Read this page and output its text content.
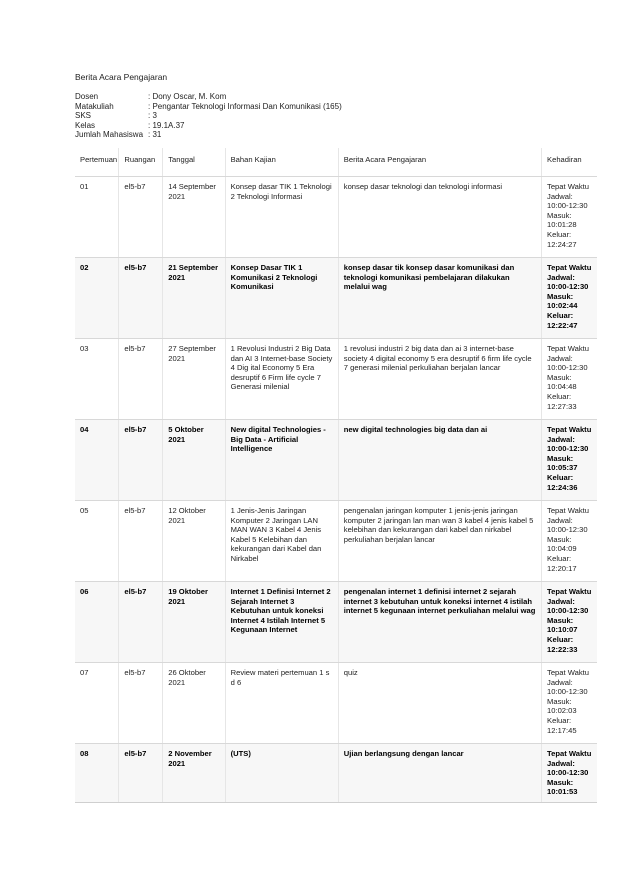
Berita Acara Pengajaran
Dosen	: Dony Oscar, M. Kom
Matakuliah	: Pengantar Teknologi Informasi Dan Komunikasi (165)
SKS	: 3
Kelas	: 19.1A.37
Jumlah Mahasiswa : 31
Pertemuan	Ruangan	Tanggal	Bahan Kajian	Berita Acara Pengajaran	Kehadiran
01	el5-b7	14 September 2021	Konsep dasar TIK 1 Teknologi 2 Teknologi Informasi	konsep dasar teknologi dan teknologi informasi	Tepat Waktu Jadwal: 10:00-12:30 Masuk: 10:01:28 Keluar: 12:24:27
02	el5-b7	21 September 2021	Konsep Dasar TIK 1 Komunikasi 2 Teknologi Komunikasi	konsep dasar tik konsep dasar komunikasi dan teknologi komunikasi pembelajaran dilakukan melalui wag	Tepat Waktu Jadwal: 10:00-12:30 Masuk: 10:02:44 Keluar: 12:22:47
03	el5-b7	27 September 2021	1 Revolusi Industri 2 Big Data dan AI 3 Internet-base Society 4 Dig ital Economy 5 Era desruptif 6 Firm life cycle 7 Generasi milenial	1 revolusi industri 2 big data dan ai 3 internet-base society 4 digital economy 5 era desruptif 6 firm life cycle 7 generasi milenial perkuliahan berjalan lancar	Tepat Waktu Jadwal: 10:00-12:30 Masuk: 10:04:48 Keluar: 12:27:33
04	el5-b7	5 Oktober 2021	New digital Technologies - Big Data - Artificial Intelligence	new digital technologies big data dan ai	Tepat Waktu Jadwal: 10:00-12:30 Masuk: 10:05:37 Keluar: 12:24:36
05	el5-b7	12 Oktober 2021	1 Jenis-Jenis Jaringan Komputer 2 Jaringan LAN MAN WAN 3 Kabel 4 Jenis Kabel 5 Kelebihan dan kekurangan dari Kabel dan Nirkabel	pengenalan jaringan komputer 1 jenis-jenis jaringan komputer 2 jaringan lan man wan 3 kabel 4 jenis kabel 5 kelebihan dan kekurangan dari kabel dan nirkabel perkuliahan berjalan lancar	Tepat Waktu Jadwal: 10:00-12:30 Masuk: 10:04:09 Keluar: 12:20:17
06	el5-b7	19 Oktober 2021	Internet 1 Definisi Internet 2 Sejarah Internet 3 Kebutuhan untuk koneksi Internet 4 Istilah Internet 5 Kegunaan Internet	pengenalan internet 1 definisi internet 2 sejarah internet 3 kebutuhan untuk koneksi internet 4 istilah internet 5 kegunaan internet perkuliahan melalui wag	Tepat Waktu Jadwal: 10:00-12:30 Masuk: 10:10:07 Keluar: 12:22:33
07	el5-b7	26 Oktober 2021	Review materi pertemuan 1 s d 6	quiz	Tepat Waktu Jadwal: 10:00-12:30 Masuk: 10:02:03 Keluar: 12:17:45
08	el5-b7	2 November 2021	(UTS)	Ujian berlangsung dengan lancar	Tepat Waktu Jadwal: 10:00-12:30 Masuk: 10:01:53
